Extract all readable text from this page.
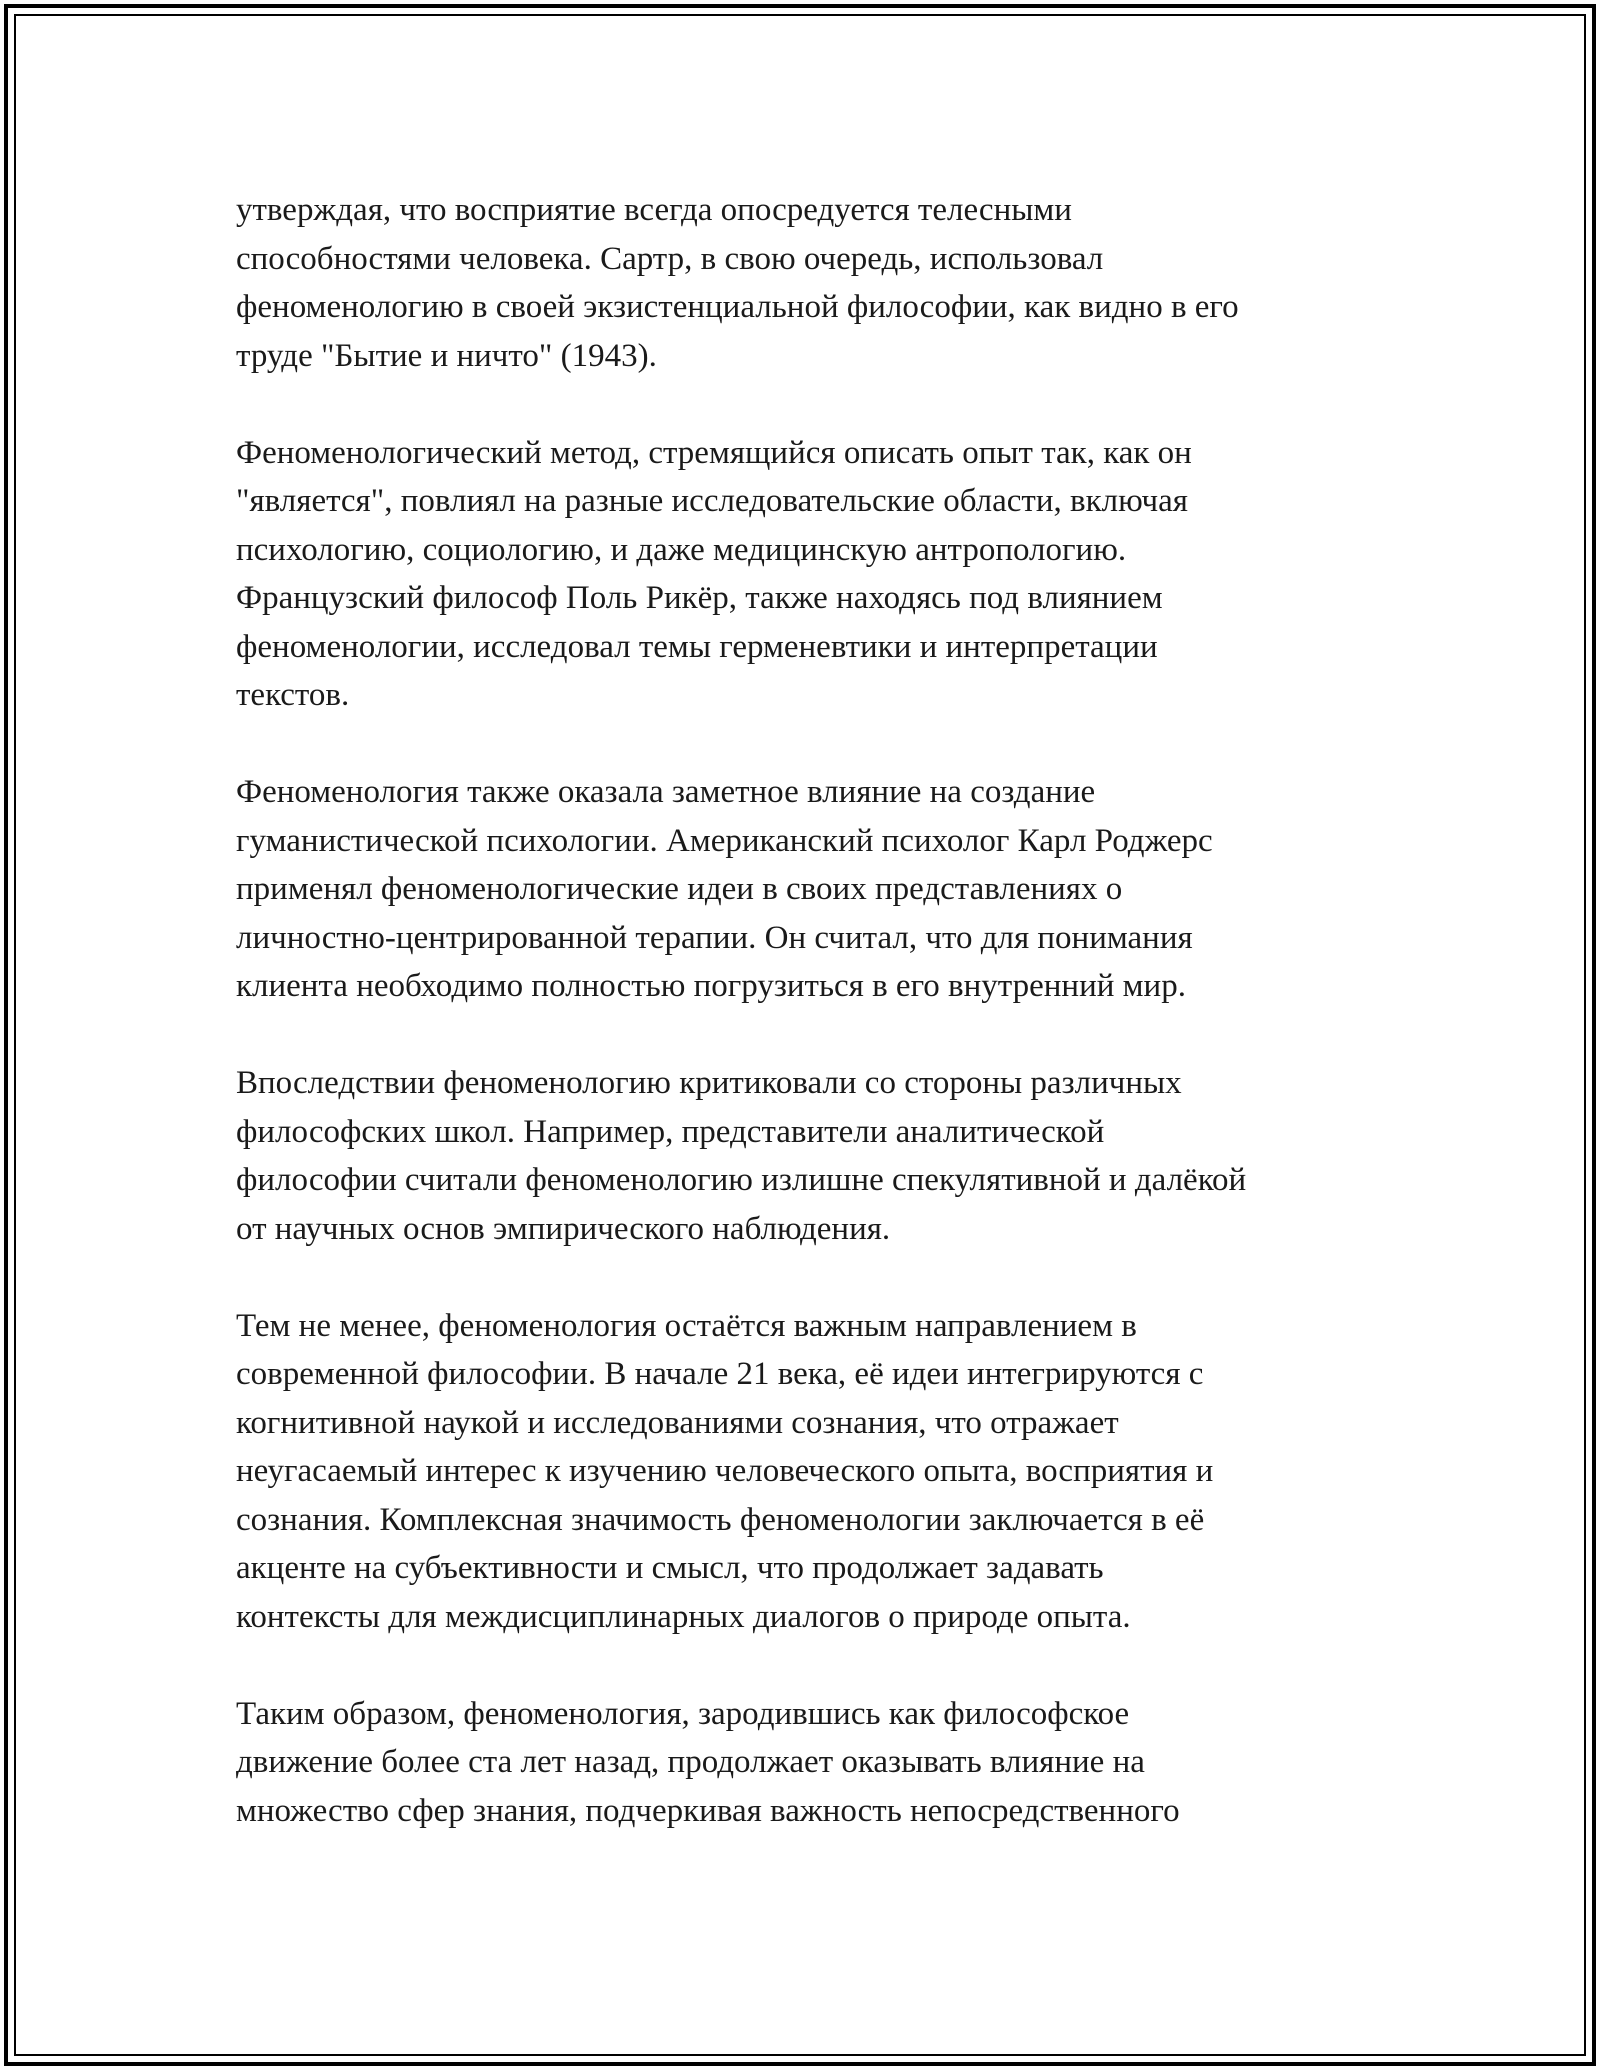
утверждая, что восприятие всегда опосредуется телесными
способностями человека. Сартр, в свою очередь, использовал
феноменологию в своей экзистенциальной философии, как видно в его
труде "Бытие и ничто" (1943).
Феноменологический метод, стремящийся описать опыт так, как он
"является", повлиял на разные исследовательские области, включая
психологию, социологию, и даже медицинскую антропологию.
Французский философ Поль Рикёр, также находясь под влиянием
феноменологии, исследовал темы герменевтики и интерпретации
текстов.
Феноменология также оказала заметное влияние на создание
гуманистической психологии. Американский психолог Карл Роджерс
применял феноменологические идеи в своих представлениях о
личностно-центрированной терапии. Он считал, что для понимания
клиента необходимо полностью погрузиться в его внутренний мир.
Впоследствии феноменологию критиковали со стороны различных
философских школ. Например, представители аналитической
философии считали феноменологию излишне спекулятивной и далёкой
от научных основ эмпирического наблюдения.
Тем не менее, феноменология остаётся важным направлением в
современной философии. В начале 21 века, её идеи интегрируются с
когнитивной наукой и исследованиями сознания, что отражает
неугасаемый интерес к изучению человеческого опыта, восприятия и
сознания. Комплексная значимость феноменологии заключается в её
акценте на субъективности и смысл, что продолжает задавать
контексты для междисциплинарных диалогов о природе опыта.
Таким образом, феноменология, зародившись как философское
движение более ста лет назад, продолжает оказывать влияние на
множество сфер знания, подчеркивая важность непосредственного
